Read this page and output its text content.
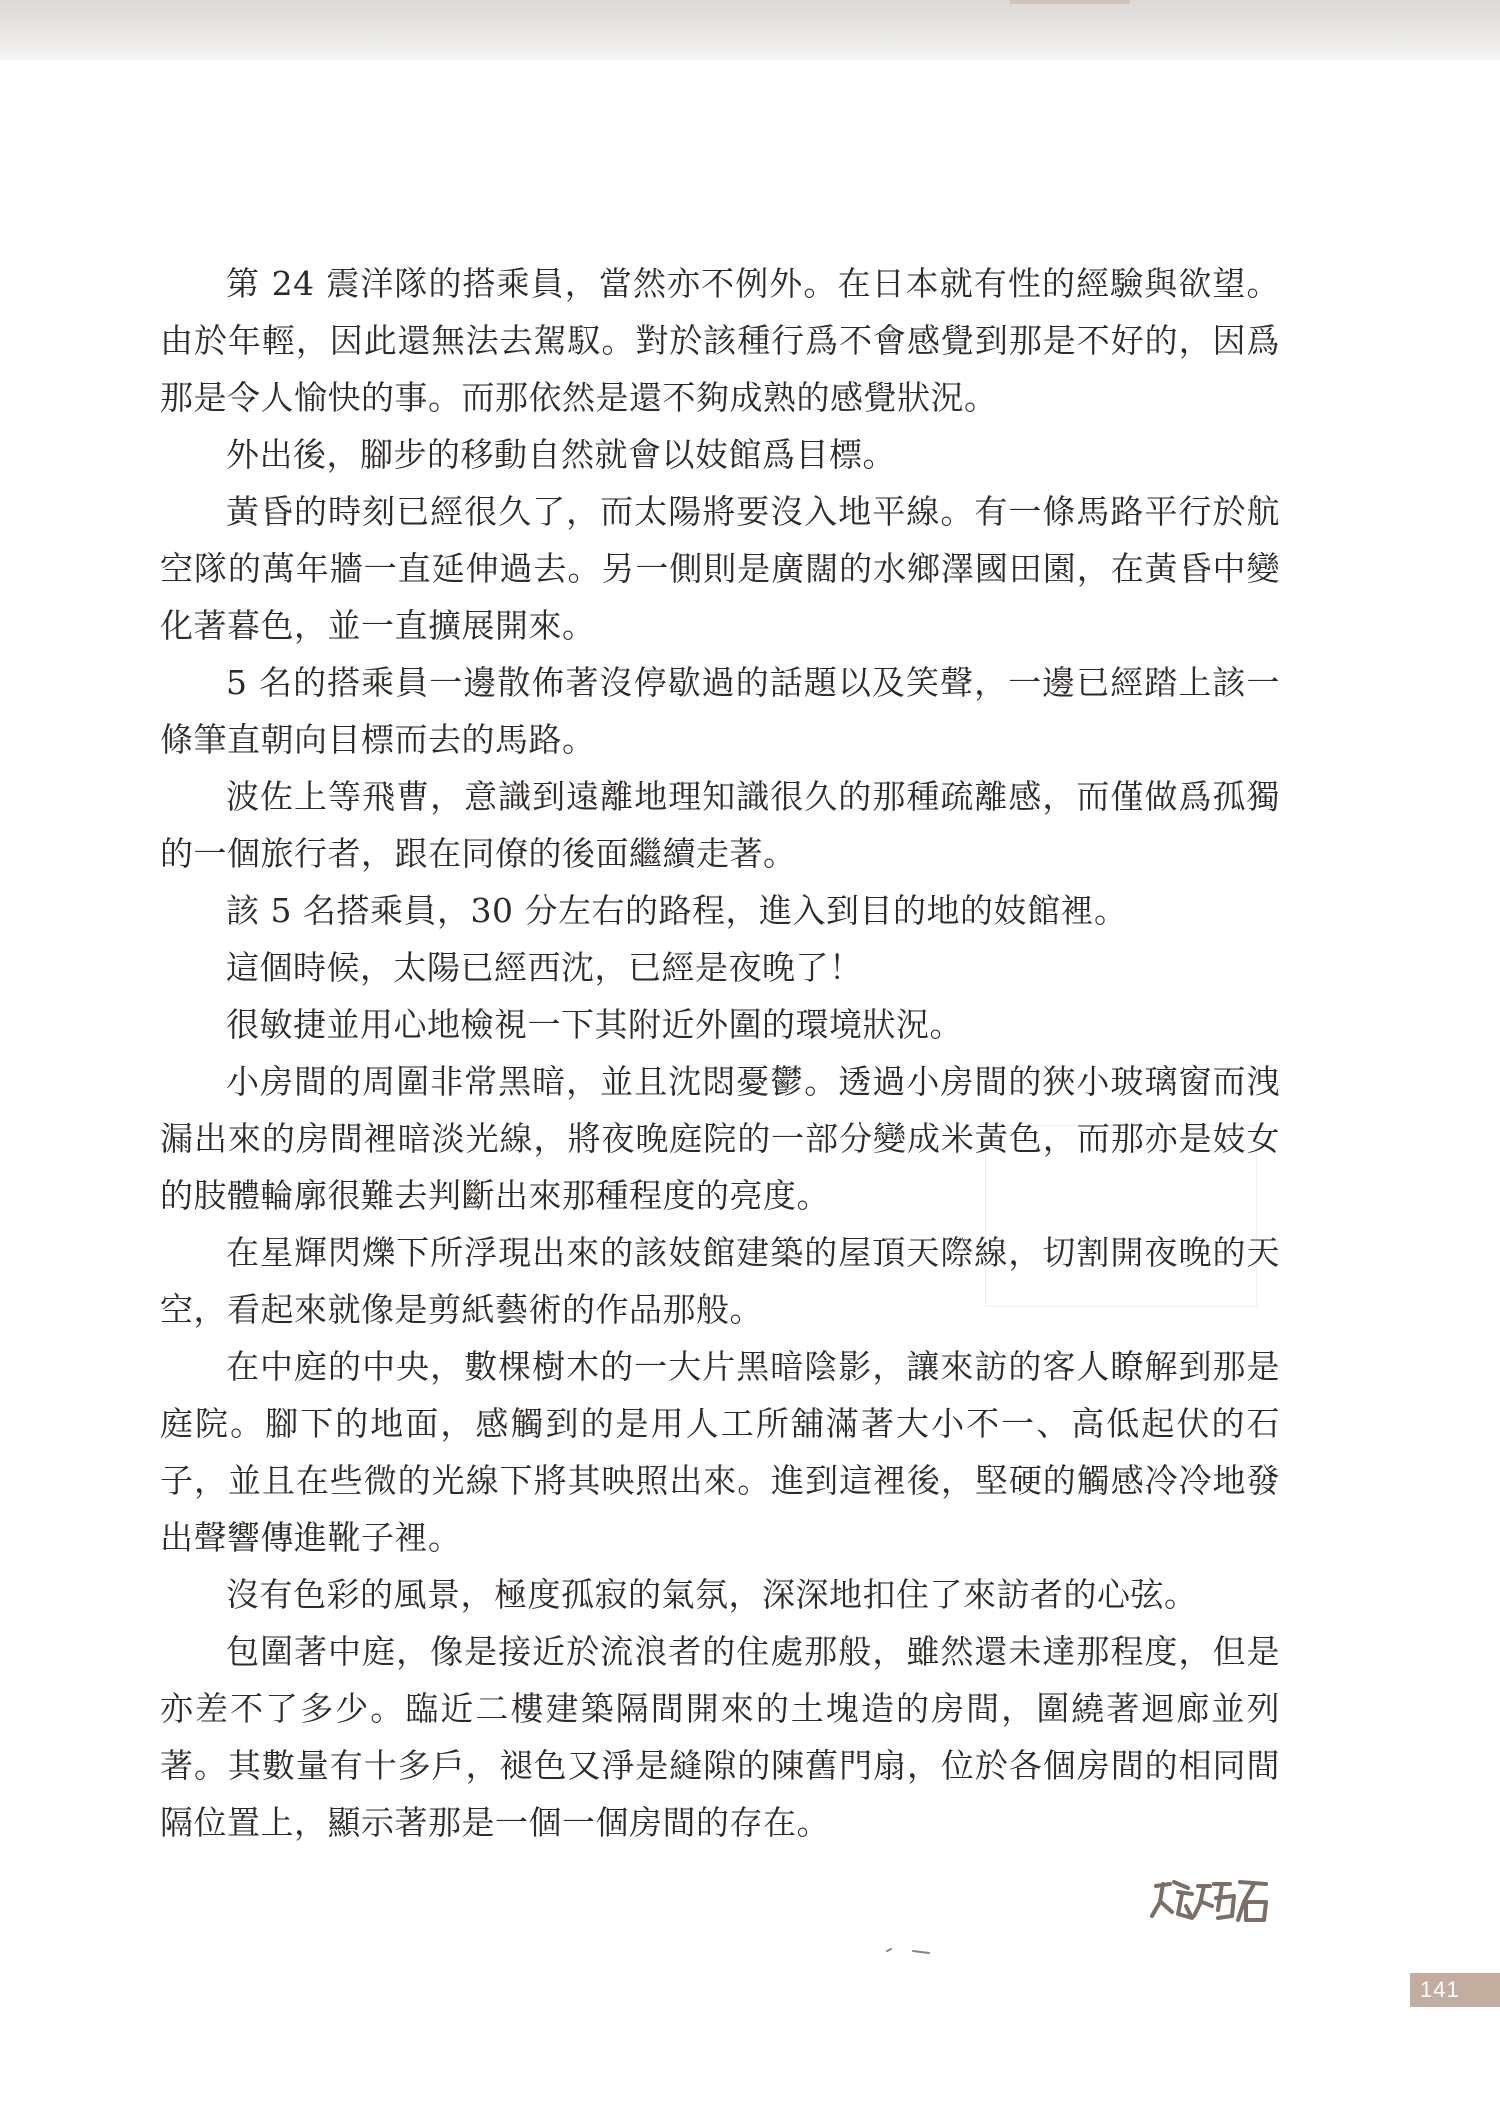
第 24 震洋隊的搭乘員，當然亦不例外。在日本就有性的經驗與欲望。由於年輕，因此還無法去駕馭。對於該種行爲不會感覺到那是不好的，因爲那是令人愉快的事。而那依然是還不夠成熟的感覺狀況。

外出後，腳步的移動自然就會以妓館爲目標。

黃昏的時刻已經很久了，而太陽將要沒入地平線。有一條馬路平行於航空隊的萬年牆一直延伸過去。另一側則是廣闊的水鄉澤國田園，在黃昏中變化著暮色，並一直擴展開來。

5 名的搭乘員一邊散佈著沒停歇過的話題以及笑聲，一邊已經踏上該一條筆直朝向目標而去的馬路。

波佐上等飛曹，意識到遠離地理知識很久的那種疏離感，而僅做爲孤獨的一個旅行者，跟在同僚的後面繼續走著。

該 5 名搭乘員，30 分左右的路程，進入到目的地的妓館裡。

這個時候，太陽已經西沈，已經是夜晚了！

很敏捷並用心地檢視一下其附近外圍的環境狀況。

小房間的周圍非常黑暗，並且沈悶憂鬱。透過小房間的狹小玻璃窗而洩漏出來的房間裡暗淡光線，將夜晚庭院的一部分變成米黃色，而那亦是妓女的肢體輪廓很難去判斷出來那種程度的亮度。

在星輝閃爍下所浮現出來的該妓館建築的屋頂天際線，切割開夜晚的天空，看起來就像是剪紙藝術的作品那般。

在中庭的中央，數棵樹木的一大片黑暗陰影，讓來訪的客人瞭解到那是庭院。腳下的地面，感觸到的是用人工所舖滿著大小不一、高低起伏的石子，並且在些微的光線下將其映照出來。進到這裡後，堅硬的觸感冷冷地發出聲響傳進靴子裡。

沒有色彩的風景，極度孤寂的氣氛，深深地扣住了來訪者的心弦。

包圍著中庭，像是接近於流浪者的住處那般，雖然還未達那程度，但是亦差不了多少。臨近二樓建築隔間開來的土塊造的房間，圍繞著迴廊並列著。其數量有十多戶，褪色又淨是縫隙的陳舊門扇，位於各個房間的相同間隔位置上，顯示著那是一個一個房間的存在。

141
